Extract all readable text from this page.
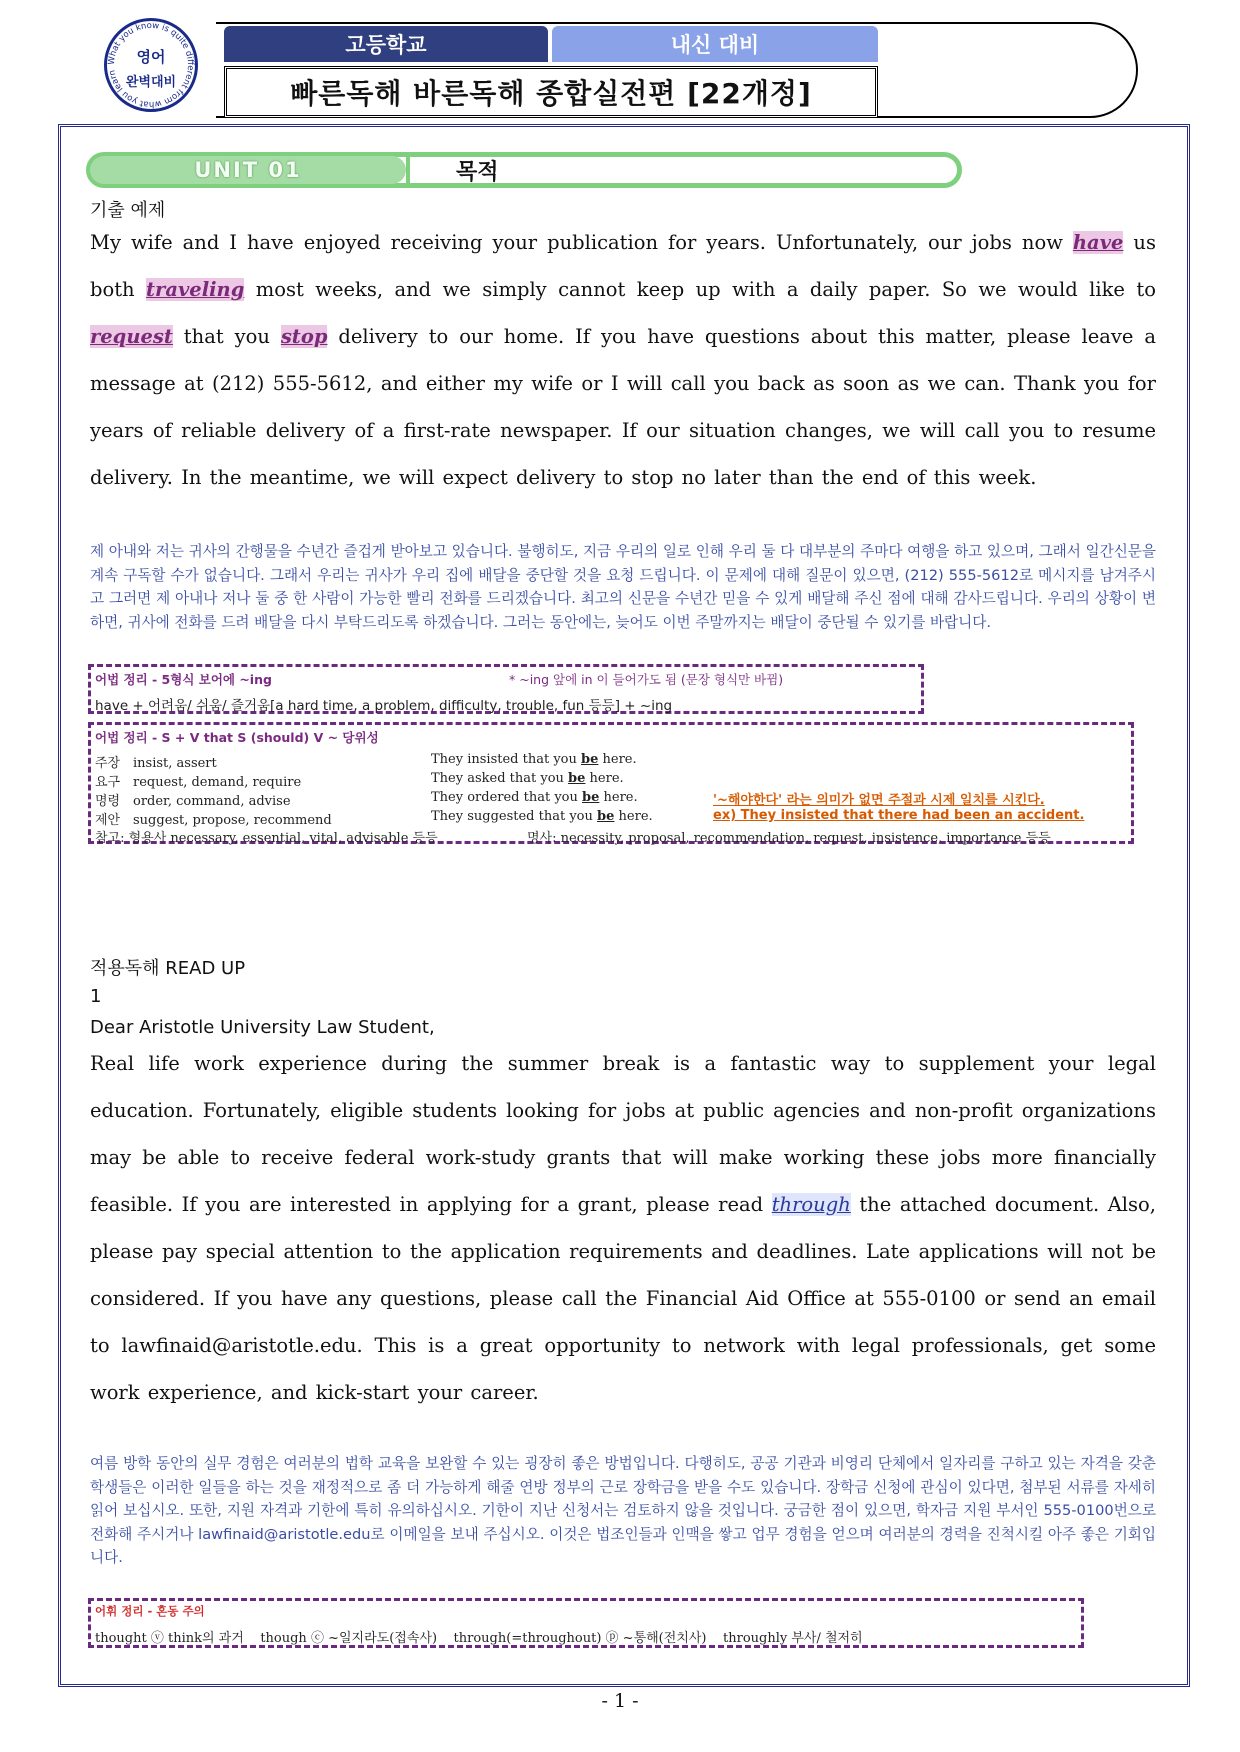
What you know is quite different from what you learn
영어
완벽대비
고등학교	내신 대비
빠른독해 바른독해 종합실전편 [22개정]
UNIT 01	목적
기출 예제
My wife and I have enjoyed receiving your publication for years. Unfortunately, our jobs now have us both traveling most weeks, and we simply cannot keep up with a daily paper. So we would like to request that you stop delivery to our home. If you have questions about this matter, please leave a message at (212) 555-5612, and either my wife or I will call you back as soon as we can. Thank you for years of reliable delivery of a first-rate newspaper. If our situation changes, we will call you to resume delivery. In the meantime, we will expect delivery to stop no later than the end of this week.
제 아내와 저는 귀사의 간행물을 수년간 즐겁게 받아보고 있습니다. 불행히도, 지금 우리의 일로 인해 우리 둘 다 대부분의 주마다 여행을 하고 있으며, 그래서 일간신문을 계속 구독할 수가 없습니다. 그래서 우리는 귀사가 우리 집에 배달을 중단할 것을 요청 드립니다. 이 문제에 대해 질문이 있으면, (212) 555-5612로 메시지를 남겨주시고 그러면 제 아내나 저나 둘 중 한 사람이 가능한 빨리 전화를 드리겠습니다. 최고의 신문을 수년간 믿을 수 있게 배달해 주신 점에 대해 감사드립니다. 우리의 상황이 변하면, 귀사에 전화를 드려 배달을 다시 부탁드리도록 하겠습니다. 그러는 동안에는, 늦어도 이번 주말까지는 배달이 중단될 수 있기를 바랍니다.
어법 정리 - 5형식 보어에 ~ing	* ~ing 앞에 in 이 들어가도 됨 (문장 형식만 바뀜)
have + 어려움/ 쉬움/ 즐거움[a hard time, a problem, difficulty, trouble, fun 등등] + ~ing
어법 정리 - S + V that S (should) V ~ 당위성
주장 insist, assert	They insisted that you be here.
요구 request, demand, require	They asked that you be here.
명령 order, command, advise	They ordered that you be here.
제안 suggest, propose, recommend	They suggested that you be here.
'~해야한다' 라는 의미가 없면 주절과 시제 일치를 시킨다.
ex) They insisted that there had been an accident.
참고: 형용사 necessary, essential, vital, advisable 등등	명사: necessity, proposal, recommendation, request, insistence, importance 등등
적용독해 READ UP
1
Dear Aristotle University Law Student,
Real life work experience during the summer break is a fantastic way to supplement your legal education. Fortunately, eligible students looking for jobs at public agencies and non-profit organizations may be able to receive federal work-study grants that will make working these jobs more financially feasible. If you are interested in applying for a grant, please read through the attached document. Also, please pay special attention to the application requirements and deadlines. Late applications will not be considered. If you have any questions, please call the Financial Aid Office at 555-0100 or send an email to lawfinaid@aristotle.edu. This is a great opportunity to network with legal professionals, get some work experience, and kick-start your career.
여름 방학 동안의 실무 경험은 여러분의 법학 교육을 보완할 수 있는 굉장히 좋은 방법입니다. 다행히도, 공공 기관과 비영리 단체에서 일자리를 구하고 있는 자격을 갖춘 학생들은 이러한 일들을 하는 것을 재정적으로 좀 더 가능하게 해줄 연방 정부의 근로 장학금을 받을 수도 있습니다. 장학금 신청에 관심이 있다면, 첨부된 서류를 자세히 읽어 보십시오. 또한, 지원 자격과 기한에 특히 유의하십시오. 기한이 지난 신청서는 검토하지 않을 것입니다. 궁금한 점이 있으면, 학자금 지원 부서인 555-0100번으로 전화해 주시거나 lawfinaid@aristotle.edu로 이메일을 보내 주십시오. 이것은 법조인들과 인맥을 쌓고 업무 경험을 얻으며 여러분의 경력을 진척시킬 아주 좋은 기회입니다.
어휘 정리 - 혼동 주의
thought ⓥ think의 과거    though ⓒ ~일지라도(접속사)    through(=throughout) ⓟ ~통해(전치사)    throughly 부사/ 철저히
- 1 -
